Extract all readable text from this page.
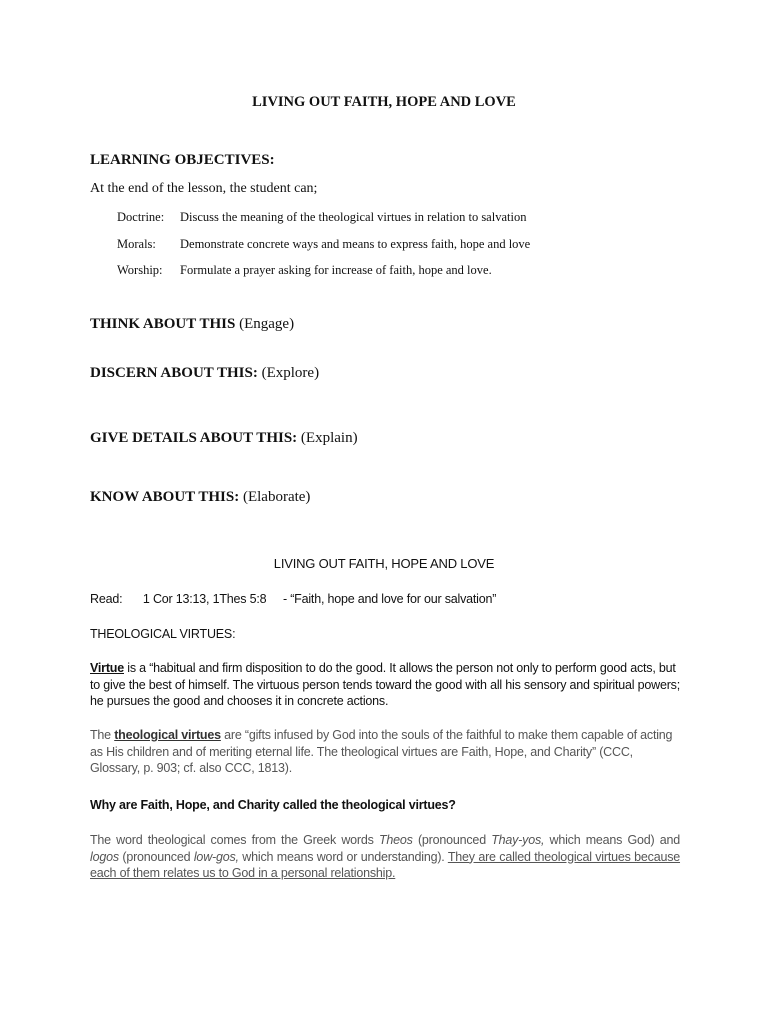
LIVING OUT FAITH, HOPE AND LOVE
LEARNING OBJECTIVES:
At the end of the lesson, the student can;
Doctrine: Discuss the meaning of the theological virtues in relation to salvation
Morals: Demonstrate concrete ways and means to express faith, hope and love
Worship: Formulate a prayer asking for increase of faith, hope and love.
THINK ABOUT THIS (Engage)
DISCERN ABOUT THIS: (Explore)
GIVE DETAILS ABOUT THIS: (Explain)
KNOW ABOUT THIS: (Elaborate)
LIVING OUT FAITH, HOPE AND LOVE
Read: 1 Cor 13:13, 1Thes 5:8 - “Faith, hope and love for our salvation”
THEOLOGICAL VIRTUES:
Virtue is a “habitual and firm disposition to do the good. It allows the person not only to perform good acts, but to give the best of himself. The virtuous person tends toward the good with all his sensory and spiritual powers; he pursues the good and chooses it in concrete actions.
The theological virtues are “gifts infused by God into the souls of the faithful to make them capable of acting as His children and of meriting eternal life. The theological virtues are Faith, Hope, and Charity” (CCC, Glossary, p. 903; cf. also CCC, 1813).
Why are Faith, Hope, and Charity called the theological virtues?
The word theological comes from the Greek words Theos (pronounced Thay-yos, which means God) and logos (pronounced low-gos, which means word or understanding). They are called theological virtues because each of them relates us to God in a personal relationship.
